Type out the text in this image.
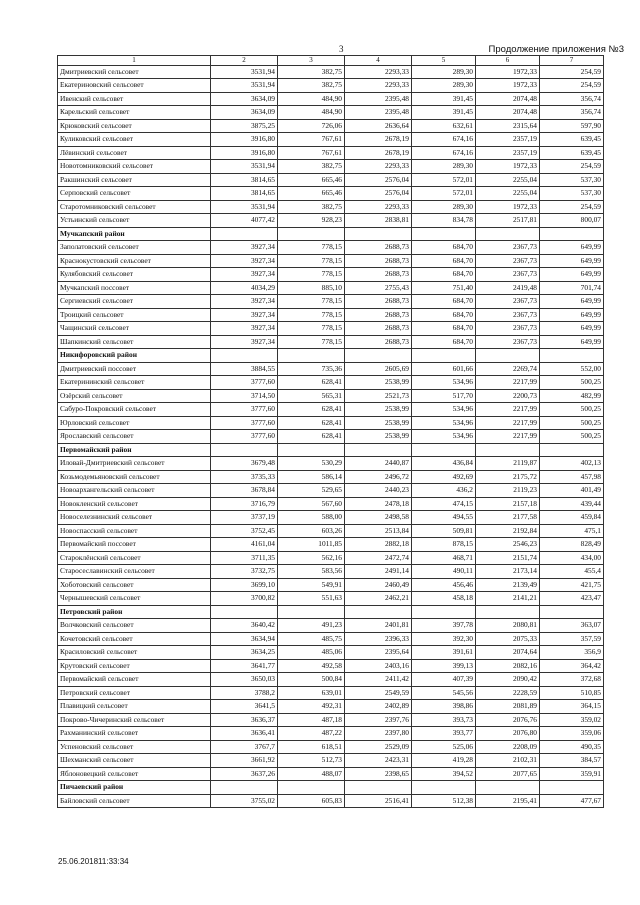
3	Продолжение приложения №3
1	2	3	4	5	6	7
Дмитриевский сельсовет	3531,94	382,75	2293,33	289,30	1972,33	254,59
Екатериновский сельсовет	3531,94	382,75	2293,33	289,30	1972,33	254,59
Ивенский сельсовет	3634,09	484,90	2395,48	391,45	2074,48	356,74
Карельский сельсовет	3634,09	484,90	2395,48	391,45	2074,48	356,74
Крюковский сельсовет	3875,25	726,06	2636,64	632,61	2315,64	597,90
Куликовский сельсовет	3916,80	767,61	2678,19	674,16	2357,19	639,45
Лёвинский сельсовет	3916,80	767,61	2678,19	674,16	2357,19	639,45
Новотомниковский сельсовет	3531,94	382,75	2293,33	289,30	1972,33	254,59
Ракшинский сельсовет	3814,65	665,46	2576,04	572,01	2255,04	537,30
Серповский сельсовет	3814,65	665,46	2576,04	572,01	2255,04	537,30
Старотомниковский сельсовет	3531,94	382,75	2293,33	289,30	1972,33	254,59
Устьинский сельсовет	4077,42	928,23	2838,81	834,78	2517,81	800,07
Мучкапский район						
Заполатовский сельсовет	3927,34	778,15	2688,73	684,70	2367,73	649,99
Краснокустовский сельсовет	3927,34	778,15	2688,73	684,70	2367,73	649,99
Кулябовский сельсовет	3927,34	778,15	2688,73	684,70	2367,73	649,99
Мучкапский поссовет	4034,29	885,10	2755,43	751,40	2419,48	701,74
Сергиевский сельсовет	3927,34	778,15	2688,73	684,70	2367,73	649,99
Троицкий сельсовет	3927,34	778,15	2688,73	684,70	2367,73	649,99
Чащинский сельсовет	3927,34	778,15	2688,73	684,70	2367,73	649,99
Шапкинский сельсовет	3927,34	778,15	2688,73	684,70	2367,73	649,99
Никифоровский район						
Дмитриевский поссовет	3884,55	735,36	2605,69	601,66	2269,74	552,00
Екатерининский сельсовет	3777,60	628,41	2538,99	534,96	2217,99	500,25
Озёрский сельсовет	3714,50	565,31	2521,73	517,70	2200,73	482,99
Сабуро-Покровский сельсовет	3777,60	628,41	2538,99	534,96	2217,99	500,25
Юрловский сельсовет	3777,60	628,41	2538,99	534,96	2217,99	500,25
Ярославский сельсовет	3777,60	628,41	2538,99	534,96	2217,99	500,25
Первомайский район						
Иловай-Дмитриевский сельсовет	3679,48	530,29	2440,87	436,84	2119,87	402,13
Козьмодемьяновский сельсовет	3735,33	586,14	2496,72	492,69	2175,72	457,98
Новоархангельский сельсовет	3678,84	529,65	2440,23	436,2	2119,23	401,49
Новокленский сельсовет	3716,79	567,60	2478,18	474,15	2157,18	439,44
Новоселезнинский сельсовет	3737,19	588,00	2498,58	494,55	2177,58	459,84
Новоспасский сельсовет	3752,45	603,26	2513,84	509,81	2192,84	475,1
Первомайский поссовет	4161,04	1011,85	2882,18	878,15	2546,23	828,49
Староклёнский сельсовет	3711,35	562,16	2472,74	468,71	2151,74	434,00
Старосеславинский сельсовет	3732,75	583,56	2491,14	490,11	2173,14	455,4
Хоботовский сельсовет	3699,10	549,91	2460,49	456,46	2139,49	421,75
Чернышевский сельсовет	3700,82	551,63	2462,21	458,18	2141,21	423,47
Петровский район						
Волчковский сельсовет	3640,42	491,23	2401,81	397,78	2080,81	363,07
Кочетовский сельсовет	3634,94	485,75	2396,33	392,30	2075,33	357,59
Красиловский сельсовет	3634,25	485,06	2395,64	391,61	2074,64	356,9
Крутовский сельсовет	3641,77	492,58	2403,16	399,13	2082,16	364,42
Первомайский сельсовет	3650,03	500,84	2411,42	407,39	2090,42	372,68
Петровский сельсовет	3788,2	639,01	2549,59	545,56	2228,59	510,85
Плавицкий сельсовет	3641,5	492,31	2402,89	398,86	2081,89	364,15
Покрово-Чичеринский сельсовет	3636,37	487,18	2397,76	393,73	2076,76	359,02
Рахманинский сельсовет	3636,41	487,22	2397,80	393,77	2076,80	359,06
Успеновский сельсовет	3767,7	618,51	2529,09	525,06	2208,09	490,35
Шехманский сельсовет	3661,92	512,73	2423,31	419,28	2102,31	384,57
Яблоновецкий сельсовет	3637,26	488,07	2398,65	394,52	2077,65	359,91
Пичаевский район						
Байловский сельсовет	3755,02	605,83	2516,41	512,38	2195,41	477,67
25.06.201811:33:34
